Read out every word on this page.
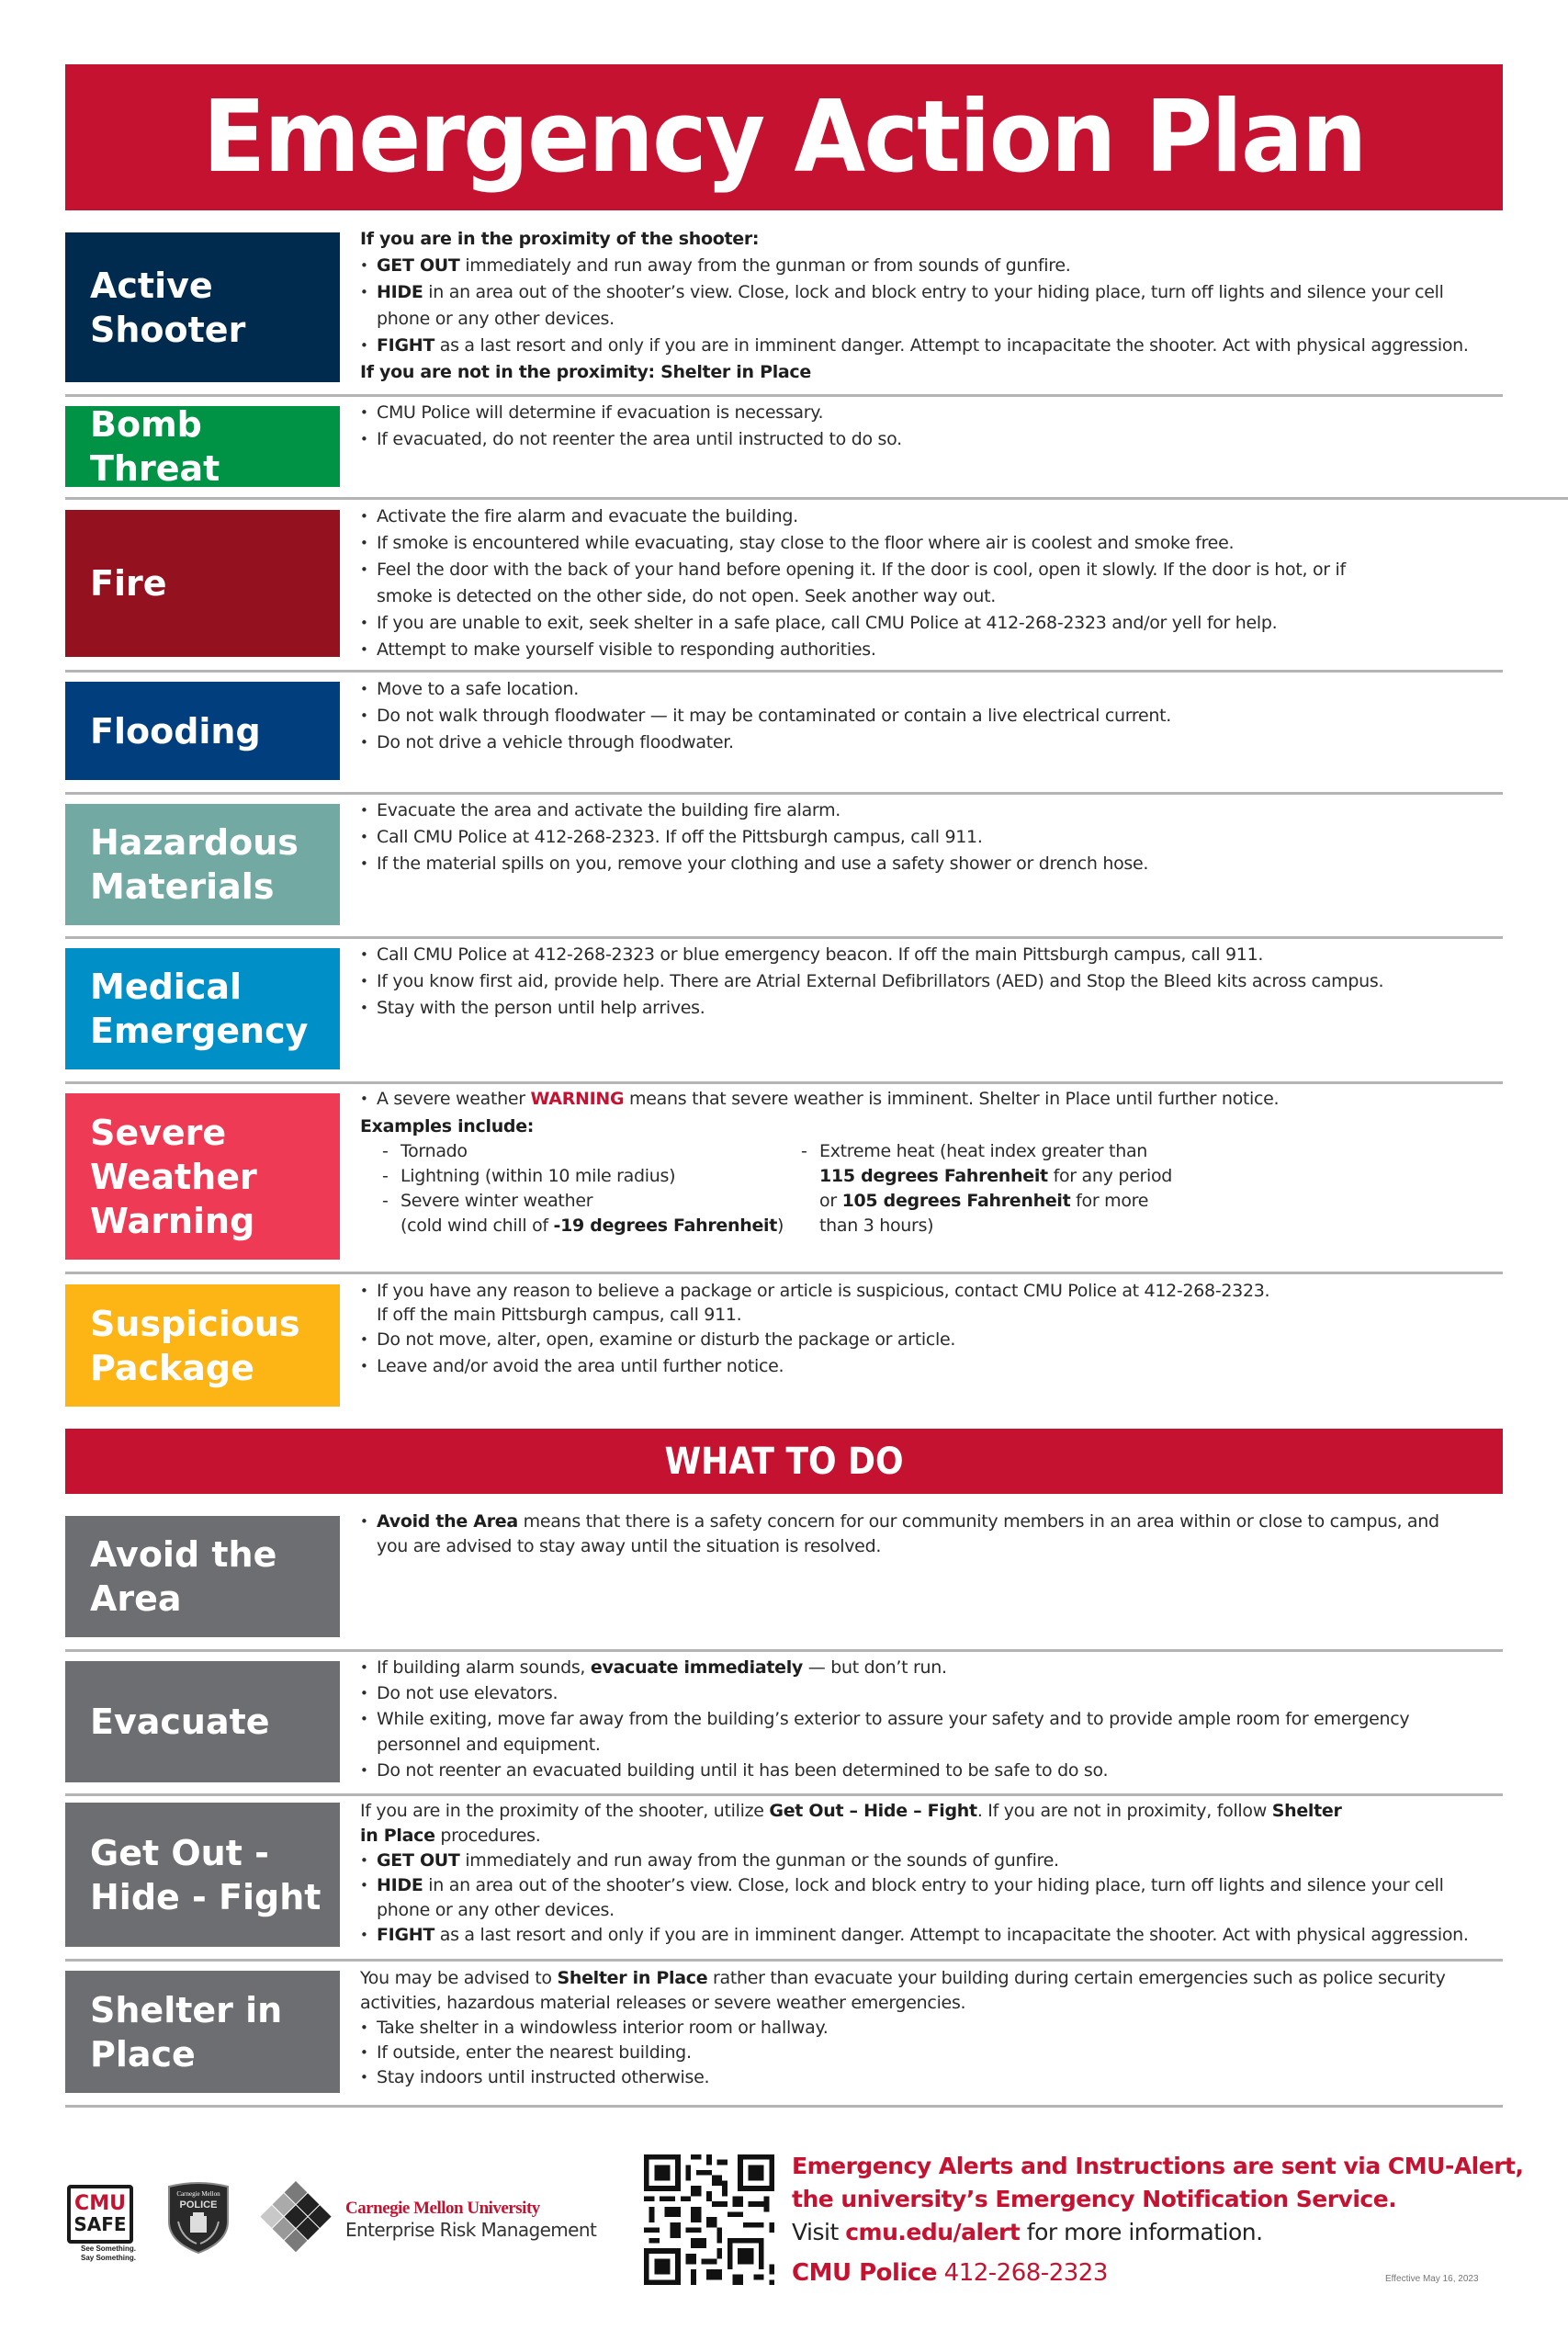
Emergency Action Plan
Active
Shooter

If you are in the proximity of the shooter:

• GET OUT immediately and run away from the gunman or from sounds of gunfire.
• HIDE in an area out of the shooter’s view. Close, lock and block entry to your hiding place, turn off lights and silence your cell phone or any other devices.
• FIGHT as a last resort and only if you are in imminent danger. Attempt to incapacitate the shooter. Act with physical aggression.

If you are not in the proximity: Shelter in Place

Bomb Threat
• CMU Police will determine if evacuation is necessary.
• If evacuated, do not reenter the area until instructed to do so.
Fire
• Activate the fire alarm and evacuate the building.
• If smoke is encountered while evacuating, stay close to the floor where air is coolest and smoke free.
• Feel the door with the back of your hand before opening it. If the door is cool, open it slowly. If the door is hot, or if smoke is detected on the other side, do not open. Seek another way out.
• If you are unable to exit, seek shelter in a safe place, call CMU Police at 412-268-2323 and/or yell for help.
• Attempt to make yourself visible to responding authorities.
Flooding
• Move to a safe location.
• Do not walk through floodwater — it may be contaminated or contain a live electrical current.
• Do not drive a vehicle through floodwater.
Hazardous
Materials
• Evacuate the area and activate the building fire alarm.
• Call CMU Police at 412-268-2323. If off the Pittsburgh campus, call 911.
• If the material spills on you, remove your clothing and use a safety shower or drench hose.
Medical
Emergency
• Call CMU Police at 412-268-2323 or blue emergency beacon. If off the main Pittsburgh campus, call 911.
• If you know first aid, provide help. There are Atrial External Defibrillators (AED) and Stop the Bleed kits across campus.
• Stay with the person until help arrives.
Severe
Weather
Warning
• A severe weather WARNING means that severe weather is imminent. Shelter in Place until further notice.

Examples include:

- Tornado
- Lightning (within 10 mile radius)
- Severe winter weather
(cold wind chill of -19 degrees Fahrenheit)
- Extreme heat (heat index greater than
115 degrees Fahrenheit for any period
or 105 degrees Fahrenheit for more
than 3 hours)
Suspicious
Package
• If you have any reason to believe a package or article is suspicious, contact CMU Police at 412-268-2323.
If off the main Pittsburgh campus, call 911.
• Do not move, alter, open, examine or disturb the package or article.
• Leave and/or avoid the area until further notice.
WHAT TO DO
Avoid the
Area
• Avoid the Area means that there is a safety concern for our community members in an area within or close to campus, and you are advised to stay away until the situation is resolved.
Evacuate
• If building alarm sounds, evacuate immediately — but don’t run.
• Do not use elevators.
• While exiting, move far away from the building’s exterior to assure your safety and to provide ample room for emergency personnel and equipment.
• Do not reenter an evacuated building until it has been determined to be safe to do so.
Get Out -
Hide - Fight

If you are in the proximity of the shooter, utilize Get Out – Hide – Fight. If you are not in proximity, follow Shelter in Place procedures.

• GET OUT immediately and run away from the gunman or the sounds of gunfire.
• HIDE in an area out of the shooter’s view. Close, lock and block entry to your hiding place, turn off lights and silence your cell phone or any other devices.
• FIGHT as a last resort and only if you are in imminent danger. Attempt to incapacitate the shooter. Act with physical aggression.
Shelter in
Place

You may be advised to Shelter in Place rather than evacuate your building during certain emergencies such as police security activities, hazardous material releases or severe weather emergencies.

• Take shelter in a windowless interior room or hallway.
• If outside, enter the nearest building.
• Stay indoors until instructed otherwise.
CMU
SAFE
See Something.
Say Something.
Carnegie Mellon
POLICE	Carnegie Mellon University
Enterprise Risk Management
Emergency Alerts and Instructions are sent via CMU-Alert,
the university’s Emergency Notification Service.
Visit cmu.edu/alert for more information.
CMU Police 412-268-2323	Effective May 16, 2023
